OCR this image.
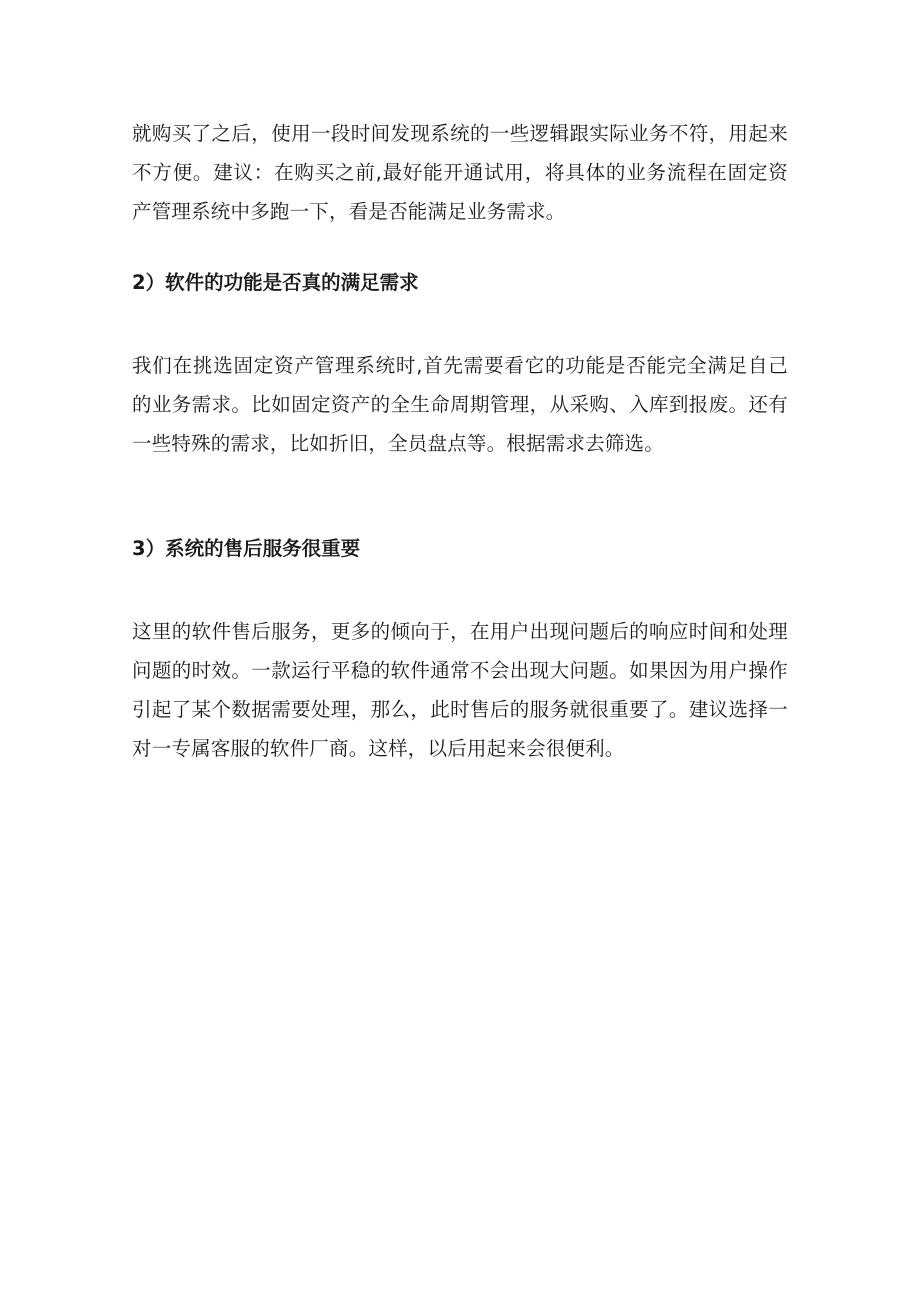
就购买了之后，使用一段时间发现系统的一些逻辑跟实际业务不符，用起来不方便。建议：在购买之前,最好能开通试用，将具体的业务流程在固定资产管理系统中多跑一下，看是否能满足业务需求。

2）软件的功能是否真的满足需求

我们在挑选固定资产管理系统时,首先需要看它的功能是否能完全满足自己的业务需求。比如固定资产的全生命周期管理，从采购、入库到报废。还有一些特殊的需求，比如折旧，全员盘点等。根据需求去筛选。

3）系统的售后服务很重要

这里的软件售后服务，更多的倾向于，在用户出现问题后的响应时间和处理问题的时效。一款运行平稳的软件通常不会出现大问题。如果因为用户操作引起了某个数据需要处理，那么，此时售后的服务就很重要了。建议选择一对一专属客服的软件厂商。这样，以后用起来会很便利。
